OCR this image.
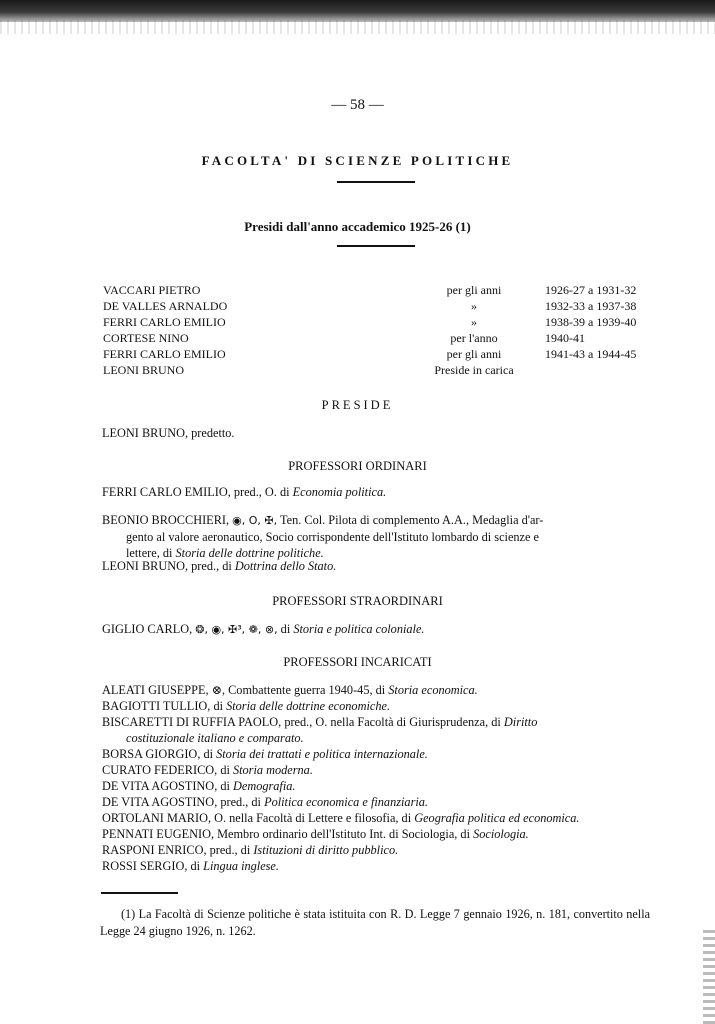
— 58 —
FACOLTA' DI SCIENZE POLITICHE
Presidi dall'anno accademico 1925-26 (1)
VACCARI PIETRO	per gli anni	1926-27 a 1931-32
DE VALLES ARNALDO	»	1932-33 a 1937-38
FERRI CARLO EMILIO	»	1938-39 a 1939-40
CORTESE NINO	per l'anno	1940-41
FERRI CARLO EMILIO	per gli anni	1941-43 a 1944-45
LEONI BRUNO	Preside in carica
PRESIDE
LEONI BRUNO, predetto.
PROFESSORI ORDINARI
FERRI CARLO EMILIO, pred., O. di Economia politica.
BEONIO BROCCHIERI, ◉, O, ✠, Ten. Col. Pilota di complemento A.A., Medaglia d'ar-
gento al valore aeronautico, Socio corrispondente dell'Istituto lombardo di scienze e
lettere, di Storia delle dottrine politiche.
LEONI BRUNO, pred., di Dottrina dello Stato.
PROFESSORI STRAORDINARI
GIGLIO CARLO, ❂, ◉, ✠³, ❁, ⊗, di Storia e politica coloniale.
PROFESSORI INCARICATI
ALEATI GIUSEPPE, ⊗, Combattente guerra 1940-45, di Storia economica.
BAGIOTTI TULLIO, di Storia delle dottrine economiche.
BISCARETTI DI RUFFIA PAOLO, pred., O. nella Facoltà di Giurisprudenza, di Diritto
costituzionale italiano e comparato.
BORSA GIORGIO, di Storia dei trattati e politica internazionale.
CURATO FEDERICO, di Storia moderna.
DE VITA AGOSTINO, di Demografia.
DE VITA AGOSTINO, pred., di Politica economica e finanziaria.
ORTOLANI MARIO, O. nella Facoltà di Lettere e filosofia, di Geografia politica ed economica.
PENNATI EUGENIO, Membro ordinario dell'Istituto Int. di Sociologia, di Sociologia.
RASPONI ENRICO, pred., di Istituzioni di diritto pubblico.
ROSSI SERGIO, di Lingua inglese.
(1) La Facoltà di Scienze politiche è stata istituita con R. D. Legge 7 gennaio 1926, n. 181, convertito nella Legge 24 giugno 1926, n. 1262.
